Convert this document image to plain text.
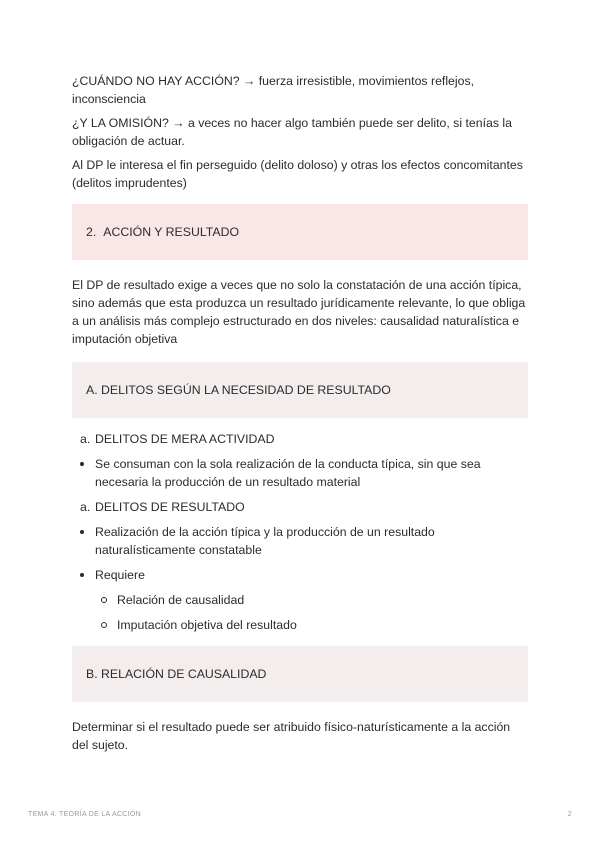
¿CUÁNDO NO HAY ACCIÓN? → fuerza irresistible, movimientos reflejos, inconsciencia

¿Y LA OMISIÓN? → a veces no hacer algo también puede ser delito, si tenías la obligación de actuar.

Al DP le interesa el fin perseguido (delito doloso) y otras los efectos concomitantes (delitos imprudentes)

2. ACCIÓN Y RESULTADO

El DP de resultado exige a veces que no solo la constatación de una acción típica, sino además que esta produzca un resultado jurídicamente relevante, lo que obliga a un análisis más complejo estructurado en dos niveles: causalidad naturalística e imputación objetiva

A. DELITOS SEGÚN LA NECESIDAD DE RESULTADO
a. DELITOS DE MERA ACTIVIDAD
Se consuman con la sola realización de la conducta típica, sin que sea necesaria la producción de un resultado material
a. DELITOS DE RESULTADO
Realización de la acción típica y la producción de un resultado naturalísticamente constatable
Requiere
Relación de causalidad
Imputación objetiva del resultado
B. RELACIÓN DE CAUSALIDAD

Determinar si el resultado puede ser atribuido físico-naturísticamente a la acción del sujeto.

TEMA 4. TEORÍA DE LA ACCIÓN	2
